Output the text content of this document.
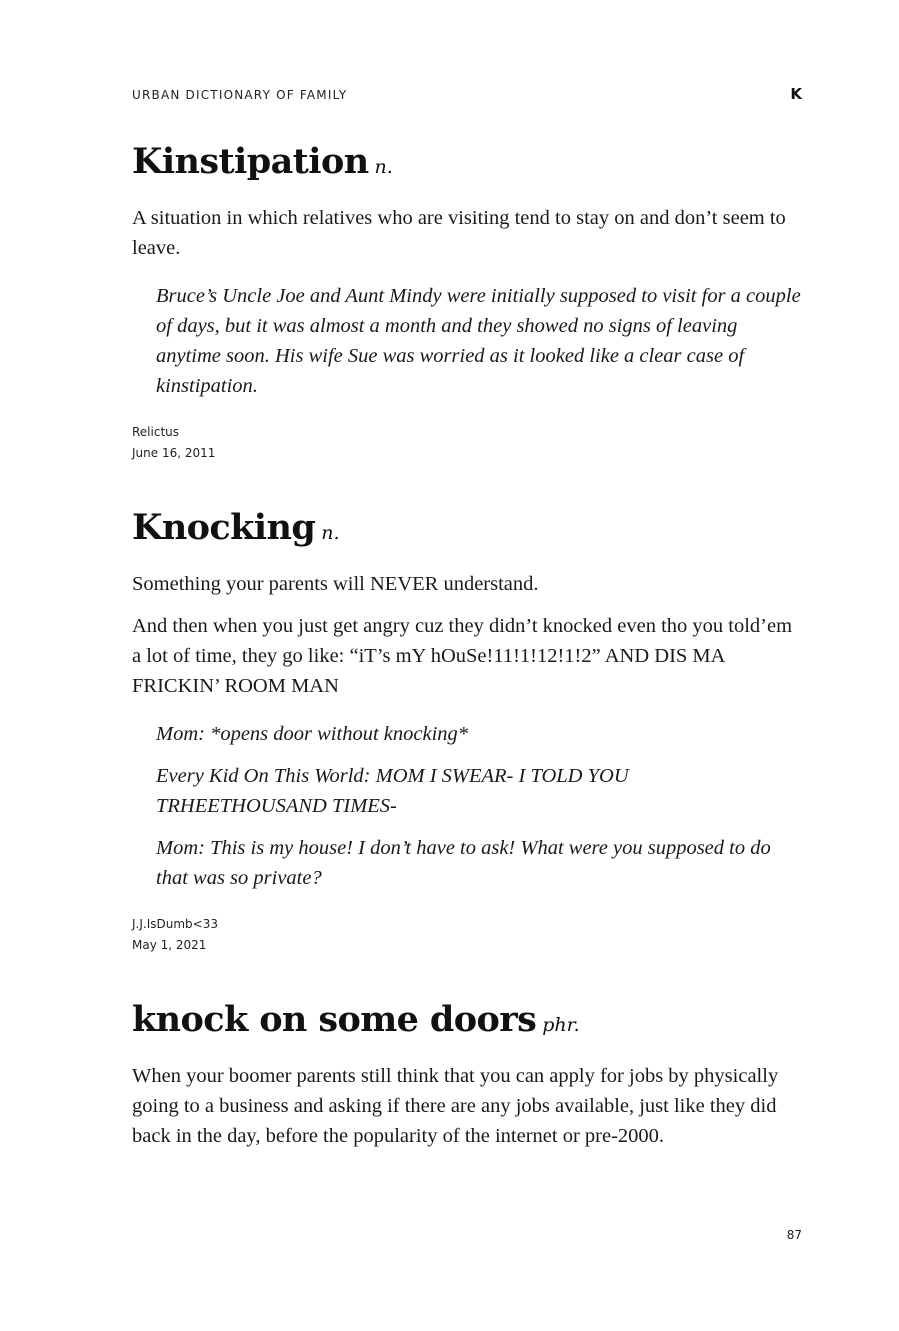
URBAN DICTIONARY OF FAMILY	K
Kinstipation n.

A situation in which relatives who are visiting tend to stay on and don’t seem to leave.

Bruce’s Uncle Joe and Aunt Mindy were initially supposed to visit for a couple of days, but it was almost a month and they showed no signs of leaving anytime soon. His wife Sue was worried as it looked like a clear case of kinstipation.

Relictus
June 16, 2011
Knocking n.

Something your parents will NEVER understand.

And then when you just get angry cuz they didn’t knocked even tho you told’em a lot of time, they go like: “iT’s mY hOuSe!11!1!12!1!2” AND DIS MA FRICKIN’ ROOM MAN

Mom: *opens door without knocking*

Every Kid On This World: MOM I SWEAR- I TOLD YOU TRHEETHOUSAND TIMES-

Mom: This is my house! I don’t have to ask! What were you supposed to do that was so private?

J.J.IsDumb<33
May 1, 2021
knock on some doors phr.

When your boomer parents still think that you can apply for jobs by physically going to a business and asking if there are any jobs available, just like they did back in the day, before the popularity of the internet or pre-2000.

87
